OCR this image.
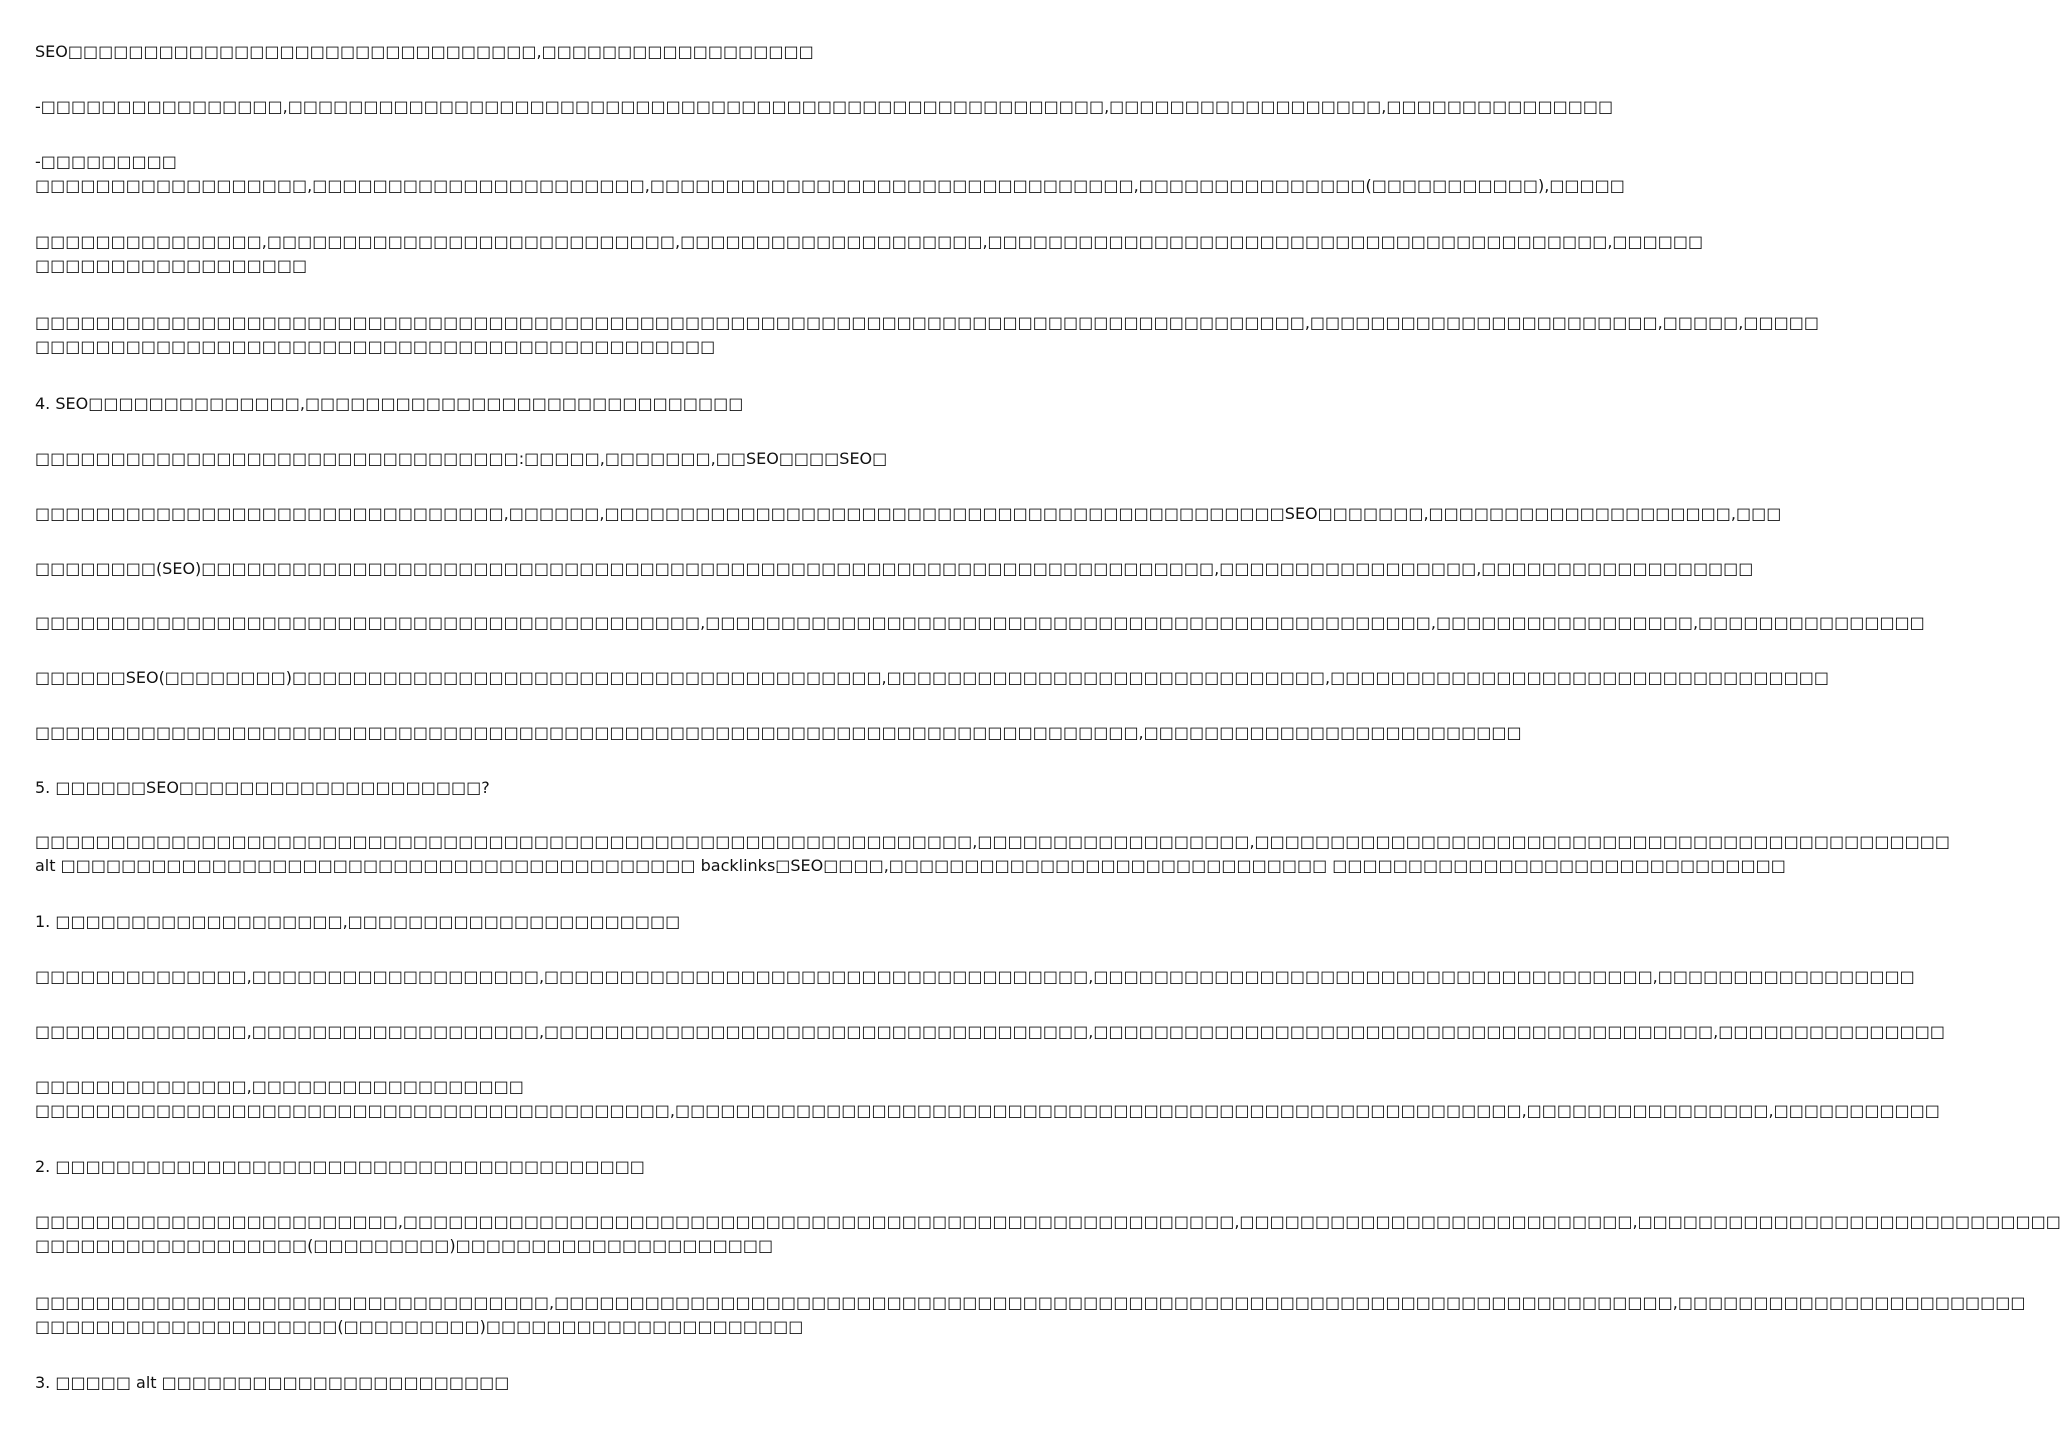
SEO□□□□□□□□□□□□□□□□□□□□□□□□□□□□□□□,□□□□□□□□□□□□□□□□□□

-□□□□□□□□□□□□□□□□,□□□□□□□□□□□□□□□□□□□□□□□□□□□□□□□□□□□□□□□□□□□□□□□□□□□□□□,□□□□□□□□□□□□□□□□□□,□□□□□□□□□□□□□□□

-□□□□□□□□□
□□□□□□□□□□□□□□□□□□,□□□□□□□□□□□□□□□□□□□□□□,□□□□□□□□□□□□□□□□□□□□□□□□□□□□□□□□,□□□□□□□□□□□□□□□(□□□□□□□□□□□),□□□□□

□□□□□□□□□□□□□□□,□□□□□□□□□□□□□□□□□□□□□□□□□□□,□□□□□□□□□□□□□□□□□□□□,□□□□□□□□□□□□□□□□□□□□□□□□□□□□□□□□□□□□□□□□□,□□□□□□
□□□□□□□□□□□□□□□□□□

□□□□□□□□□□□□□□□□□□□□□□□□□□□□□□□□□□□□□□□□□□□□□□□□□□□□□□□□□□□□□□□□□□□□□□□□□□□□□□□□□□□□,□□□□□□□□□□□□□□□□□□□□□□□,□□□□□,□□□□□
□□□□□□□□□□□□□□□□□□□□□□□□□□□□□□□□□□□□□□□□□□□□□

4. SEO□□□□□□□□□□□□□□,□□□□□□□□□□□□□□□□□□□□□□□□□□□□□

□□□□□□□□□□□□□□□□□□□□□□□□□□□□□□□□:□□□□□,□□□□□□□,□□SEO□□□□SEO□

□□□□□□□□□□□□□□□□□□□□□□□□□□□□□□□,□□□□□□,□□□□□□□□□□□□□□□□□□□□□□□□□□□□□□□□□□□□□□□□□□□□□SEO□□□□□□□,□□□□□□□□□□□□□□□□□□□□,□□□

□□□□□□□□(SEO)□□□□□□□□□□□□□□□□□□□□□□□□□□□□□□□□□□□□□□□□□□□□□□□□□□□□□□□□□□□□□□□□□□□,□□□□□□□□□□□□□□□□□,□□□□□□□□□□□□□□□□□□

□□□□□□□□□□□□□□□□□□□□□□□□□□□□□□□□□□□□□□□□□□□□,□□□□□□□□□□□□□□□□□□□□□□□□□□□□□□□□□□□□□□□□□□□□□□□□,□□□□□□□□□□□□□□□□□,□□□□□□□□□□□□□□□

□□□□□□SEO(□□□□□□□□)□□□□□□□□□□□□□□□□□□□□□□□□□□□□□□□□□□□□□□□,□□□□□□□□□□□□□□□□□□□□□□□□□□□□□,□□□□□□□□□□□□□□□□□□□□□□□□□□□□□□□□□

□□□□□□□□□□□□□□□□□□□□□□□□□□□□□□□□□□□□□□□□□□□□□□□□□□□□□□□□□□□□□□□□□□□□□□□□□,□□□□□□□□□□□□□□□□□□□□□□□□□

5. □□□□□□SEO□□□□□□□□□□□□□□□□□□□□?

□□□□□□□□□□□□□□□□□□□□□□□□□□□□□□□□□□□□□□□□□□□□□□□□□□□□□□□□□□□□□□,□□□□□□□□□□□□□□□□□□,□□□□□□□□□□□□□□□□□□□□□□□□□□□□□□□□□□□□□□□□□□□□□□
alt □□□□□□□□□□□□□□□□□□□□□□□□□□□□□□□□□□□□□□□□□□ backlinks□SEO□□□□,□□□□□□□□□□□□□□□□□□□□□□□□□□□□□ □□□□□□□□□□□□□□□□□□□□□□□□□□□□□□

1. □□□□□□□□□□□□□□□□□□□,□□□□□□□□□□□□□□□□□□□□□□

□□□□□□□□□□□□□□,□□□□□□□□□□□□□□□□□□□,□□□□□□□□□□□□□□□□□□□□□□□□□□□□□□□□□□□□,□□□□□□□□□□□□□□□□□□□□□□□□□□□□□□□□□□□□□,□□□□□□□□□□□□□□□□□

□□□□□□□□□□□□□□,□□□□□□□□□□□□□□□□□□□,□□□□□□□□□□□□□□□□□□□□□□□□□□□□□□□□□□□□,□□□□□□□□□□□□□□□□□□□□□□□□□□□□□□□□□□□□□□□□□,□□□□□□□□□□□□□□□

□□□□□□□□□□□□□□,□□□□□□□□□□□□□□□□□□
□□□□□□□□□□□□□□□□□□□□□□□□□□□□□□□□□□□□□□□□□□,□□□□□□□□□□□□□□□□□□□□□□□□□□□□□□□□□□□□□□□□□□□□□□□□□□□□□□□□,□□□□□□□□□□□□□□□□,□□□□□□□□□□□

2. □□□□□□□□□□□□□□□□□□□□□□□□□□□□□□□□□□□□□□□

□□□□□□□□□□□□□□□□□□□□□□□□,□□□□□□□□□□□□□□□□□□□□□□□□□□□□□□□□□□□□□□□□□□□□□□□□□□□□□□□,□□□□□□□□□□□□□□□□□□□□□□□□□□,□□□□□□□□□□□□□□□□□□□□□□□□□□□□
□□□□□□□□□□□□□□□□□□(□□□□□□□□□)□□□□□□□□□□□□□□□□□□□□□

□□□□□□□□□□□□□□□□□□□□□□□□□□□□□□□□□□,□□□□□□□□□□□□□□□□□□□□□□□□□□□□□□□□□□□□□□□□□□□□□□□□□□□□□□□□□□□□□□□□□□□□□□□□□□,□□□□□□□□□□□□□□□□□□□□□□□
□□□□□□□□□□□□□□□□□□□□(□□□□□□□□□)□□□□□□□□□□□□□□□□□□□□□

3. □□□□□ alt □□□□□□□□□□□□□□□□□□□□□□□
